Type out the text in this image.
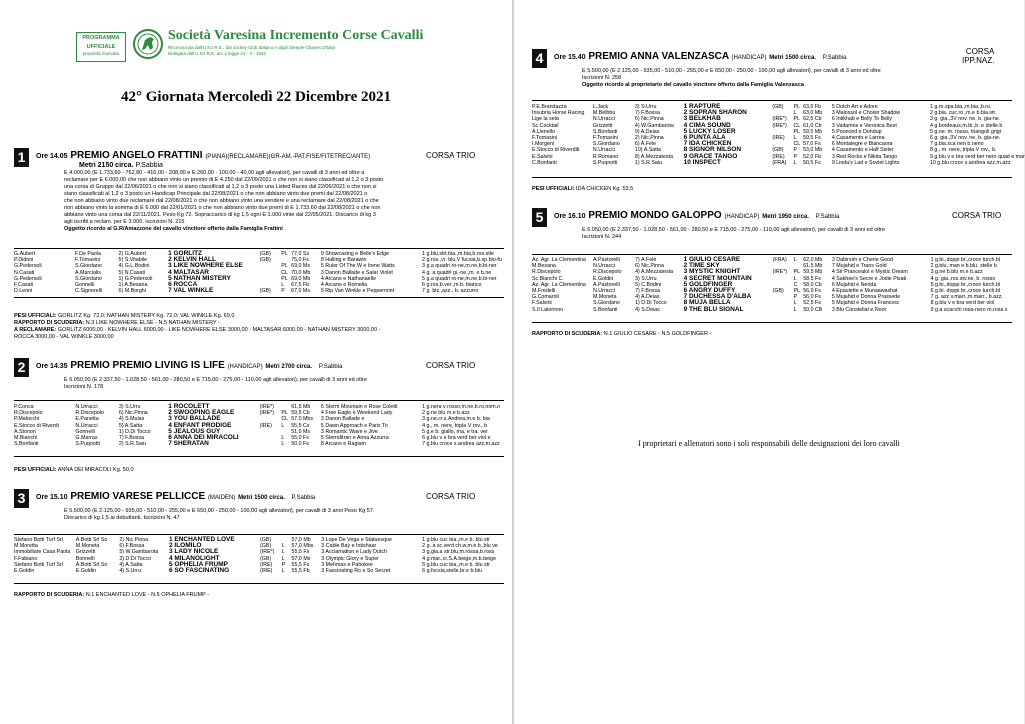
PROGRAMMA
UFFICIALE
proprietà riservata
Società Varesina Incremento Corse Cavalli
Riconosciuta dall'U.N.I.R.E., dal Jockey Club Italiano e dagli Steeple-Chases d'Italia
Delegata dall'U.N.I.R.E. art. 2 legge 24 - 3 - 1942
42° Giornata Mercoledì 22 Dicembre 2021
1	Ore 14.05 PREMIO ANGELO FRATTINI (PIANA)(RECLAMARE)(GR-AM.-PAT.FISE/FITETREC/ANTE)	CORSA TRIO
Metri 2150 circa. P.Sabbia
E 4.000,00 (E 1.733,60 - 762,80 - 416,00 - 208,00 e E 260,00 - 100,00 - 40,00 agli allevatori), per cavalli di 3 anni ed oltre a
reclamare per E 6.000,00 che non abbiano vinto un premio di E 4.250 dal 22/09/2021 o che non si siano classificati al 1,2 o 3 posto
una corsa di Gruppo dal 22/06/2021 o che non si siano classificati al 1,2 o 3 posto una Listed Races dal 22/06/2021 o che non si
siano classificati al 1,2 o 3 posto un Handicap Principale dal 22/08/2021 o che non abbiano vinto due premi dal 22/08/2021 o
che non abbiano vinto due reclamare dal 22/08/2021 o che non abbiano vinto una vendere e una reclamare dal 22/08/2021 o che
non abbiano vinto la somma di E 6.000 dal 22/01/2021 o che non abbiano vinto due premi di E 1.733,60 dal 22/08/2021 o che non
abbiano vinto una corsa dal 22/11/2021. Peso Kg 72. Sopraccarico di kg 1,5 ogni E 1.000 vinte dal 22/05/2021. Discarico di kg 3
agli iscritti a reclam. per E 3.000. Iscrizioni N. 215
Oggetto ricordo al G.R/Amazzone del cavallo vincitore offerto dalla Famiglia Frattini
G.Aubert	F.De Paola	2) G.Aubert	1 GORLITZ	(GB)	PL	77,0 Ss	9 Showcasing e Belle's Edge	1 g.blu,sbt.bia.,m.bia,b.ros.stle
P.Didoni	F.Tomasini	5) S.Vitabile	2 KELVIN HALL	(GB)		75,0 Fs	8 Halling e Barawin	2 g.ros.,vr. blu,V fucsia,b.sp.blu-fu
G.Pedersoli	S.Giordano	4) G.L.Bodini	3 LIKE NOWHERE ELSE		PL	69,0 Ms	5 Ruler Of The W e Irene Watts	3 g.a quadri ro-ne,m.ne,b.bi-ner
N.Casati	A.Marcialis	5) N.Casati	4 MALTASAR		CL	70,0 Mb	3 Danon Ballade e Salar Violet	4 g. a quadri gi.-ne.,m. e b.ne
G.Pedersoli	S.Giordano	1) G.Pedersoli	5 NATHAN MISTERY		PL	69,0 Mb	4 Arcano e Nathanaelle	5 g.a quadri ro-ne,m.ne,b.bi-ner
F.Casati	Gonnelli	1) A.Besana	6 ROCCA		L	67,5 Fb	4 Arcano e Romelia	6 g.ros,b.ver.,m.b. bianco
D.Leoni	C.Signorelli	6) M.Borghi	7 VAL WINKLE	(GB)	P	67,0 Ms	5 Rip Van Winkle e Peppermint	7 g. biz.,azz., b. azzurro
PESI UFFICIALI: GORLITZ Kg. 72,0; NATHAN MISTERY Kg. 72,0; VAL WINKLE Kg. 69,0
RAPPORTO DI SCUDERIA: N.3 LIKE NOWHERE ELSE - N.5 NATHAN MISTERY -
A RECLAMARE: GORLITZ 6000,00 - KELVIN HALL 6000,00 - LIKE NOWHERE ELSE 3000,00 - MALTASAR 6000,00 - NATHAN MISTERY 3000,00 -
ROCCA 3000,00 - VAL WINKLE 3000,00
2	Ore 14.35 PREMIO PREMIO LIVING IS LIFE (HANDICAP) Metri 2700 circa. P.Sabbia	CORSA TRIO
E 6.050,00 (E 2.337,50 - 1.028,50 - 561,00 - 280,50 e E 715,00 - 275,00 - 110,00 agli allevatori), per cavalli di 3 anni ed oltre
Iscrizioni N. 178
P.Conca	N.Urracci	3) S.Urru	1 ROCOLETT	(IRE*)		61,5 Mb	6 Storm Mountain e Rose Coletti	1 g.nera v rosso,m.ne,b.ro,nom.n
R.Discepolo	R.Discepolo	6) Nic.Pinna	2 SWOOPING EAGLE	(IRE*)	PL	59,5 Cb	4 Free Eagle e Weekend Lady	2 g.ne blu m.e b.azz
P.Malocchi	E.Panetta	4) S.Mulas	3 YOU BALLADE		CL	57,0 Mbs	3 Danon Ballade e	3 g.ne,cr.s.Andrea,m.e b. bia
E.Stocco di Riverdi	N.Urracci	5) A.Satta	4 ENFANT PRODIGE	(IRE)	L	55,5 Cs	5 Dawn Approach e Paris To	4 g., m. nere, tripla V rov., b
A.Stonon	Gonnelli	1) D.Di Tocco	5 JEALOUS GUY			51,0 Ms	3 Romantic Wave e Jive	5 g.e b. giallo, ma, e tra. ver
M.Bianchi	G.Marras	7) F.Bossa	6 ANNA DEI MIRACOLI		L	55,0 Fs	5 Sternditran e Anna Azzurra	6 g.blu v e bra verd ber viol e
S.Bonfanti	S.Puqnotti	2) S.R.Saiu	7 SHERATAN		L	50,0 Fs	8 Arcano e Ragiam	7 g.blu croce s.andrea azz,m.azz
PESI UFFICIALI: ANNA DEI MIRACOLI Kg. 50,0
3	Ore 15.10 PREMIO VARESE PELLICCE (MAIDEN) Metri 1500 circa. P.Sabbia	CORSA TRIO
E 5.500,00 (E 2.125,00 - 935,00 - 510,00 - 255,00 e E 650,00 - 250,00 - 100,00 agli allevatori), per cavalli di 3 anni Peso Kg 57.
Discarico di kg 1,5 ai debuttanti. Iscrizioni N. 47
Stefano Botti Turf Srl	A.Botti Srl So	2) Nic.Pinna	1 ENCHANTED LOVE	(GB)		57,0 Mb	3 Lope De Vega e Statuesque	1 g.blu cuc bia.,m.e b. blu str
M.Moretta	M.Moneta	6) F.Bossa	2 ILOMILO	(GB)	L	57,0 Mbs	3 Cable Bay e Intishaar	2 g. a sc.verd ch.w,m.e b.,blu ve
Immobiliare Casa Paola	Grizzetti	5) W.Gambarota	3 LADY NICOLE	(IRE*)	L	55,5 Fs	3 Acclamation e Lady Dutch	3 g.gia.a str.blu,m.rossa,b.ross
F.Fabiano	Bonnelli	3) D.Di Tocco	4 MILANOLIGHT	(GB)	L	57,0 Ms	3 Olympic Glory e Super	4 g.mar.,cr.S.A.beige,m.b.beige
Stefano Botti Turf Srl	A.Botti Srl So	4) A.Satta	5 OPHELIA FRUMP	(IRE)	P	55,5 Fs	3 Mehmas e Pahokee	5 g.blu cuc bia.,m.e b. blu str
E.Goldin	E.Goldin	4) S.Urru	6 SO FASCINATING	(IRE)	L	55,5 Fb	3 Fascinating Ro e So Secret	6 g.fucsia,stelle,br.e b.blu
RAPPORTO DI SCUDERIA: N.1 ENCHANTED LOVE - N.5 OPHELIA FRUMP -
4	Ore 15.40 PREMIO ANNA VALENZASCA (HANDICAP) Metri 1500 circa. P.Sabbia
CORSA
IPP.NAZ.
E 5.500,00 (E 2.125,00 - 935,00 - 510,00 - 255,00 e E 650,00 - 250,00 - 100,00 agli allevatori), per cavalli di 3 anni ed oltre
Iscrizioni N. 258
Oggetto ricordo al proprietario del cavallo vincitore offerto dalla Famiglia Valenzasca
P.E.Brandazza	L.Jack	3) S.Urru	1 RAPTURE	(GB)	PL	63,5 Fb	5 Dutch Art e Adore	1 g.ro.spa.bia.,m.bia.,b.ro.
Insubria Horse Racing	M.Belbbu	7) F.Bossa	2 SOPRAN SHARON		L	63,0 Mb	3 Malossol e Choisir Shadow	2 g.bia. cuc.ro.,m.e b.bia.str.
Lige la sela	N.Urracci	6) Nic.Pinna	3 BELKHAB	(IRE*)	PL	62,5 Cb	6 Intikhab e Belly To Belly	3 g. gia.,3V nov. ne, b. gia-ne.
Sc.Cocktail	Grizzetti	4) W.Gambarota	4 CIMA SOUND	(IRE*)	CL	61,0 Cb	3 Vadamos e Veronica Best	4 g.bordeaux,m.bi.,b. e stelle b
A.Uenello	S.Bonfanti	9) A.Deias	5 LUCKY LOSER		PL	59,5 Mb	5 Pounced e Dondup	5 g.ne. m. rosso, triangoli grigi
F.Tomasini	F.Tomasini	2) Nic.Pinna	6 PUNTA ALA	(IRE)	L	59,5 Fs	4 Casamento e Larrea	6 g. gia.,3V nov. ne, b. gia-ne.
I.Morgeni	S.Giordano	6) A.Fele	7 IDA CHICKEN		CL	57,0 Fs	6 Montalegre e Biancaora	7 g.bia.sca nen b.neno
E.Stocco di Riverditi	N.Urracci	10) A.Satta	8 SIGNOR NILSON	(GB)	P	53,0 Mb	4 Casamento e Half Sister	8 g., m. nere, tripla V rov., b.
E.Salvini	R.Romano	8) A.Mezzatesta	9 GRACE TANGO	(IRE)	P	52,0 Fb	3 Red Rocks e Nikita Tango	9 g.blu v e bra verd ber nero quad e mar
C.Bonfanti	S.Puqnotti	1) S.R.Saiu	10 INSPECT	(FRA)	L	50,5 Fs	9 Linda's Lad e Soviet Lights	10 g.blu croce s.andrea azz,m.azz
PESI UFFICIALI: IDA CHICKEN Kg. 53,5
5	Ore 16.10 PREMIO MONDO GALOPPO (HANDICAP) Metri 1950 circa. P.Sabbia	CORSA TRIO
E 6.050,00 (E 2.337,50 - 1.028,50 - 561,00 - 280,50 e E 715,00 - 275,00 - 110,00 agli allevatori), per cavalli di 3 anni ed oltre
Iscrizioni N. 244
Az. Agr. La Clementina	A.Pastorelli	7) A.Fele	1 GIULIO CESARE	(FRA)	L	62,0 Mb	3 Dabirsim e Cherie Good	1 g.bi.,doppi br.,croce turch.bl
M.Besana	N.Urracci	6) Nic.Pinna	2 TIME SKY			61,5 Mb	7 Mujahid e Trans Gold	2 g.blu, man e b.blu, stelle b
R.Discepolo	R.Discepolo	4) A.Mezzatesta	3 MYSTIC KNIGHT	(IRE*)	PL	59,5 Mb	4 Sir Prancealot e Mystic Dream	3 g.ne b.blu m.e b.azz
Sc.Bianchi C.	E.Goldin	3) S.Urru	4 SECRET MOUNTAIN		L	58,5 Fs	4 Sakhee's Secre e Jodie Pisati	4 g. gia.,ros.stv.ne, b. rosso
Az. Agr. La Clementina	A.Pastorelli	5) C.Bodini	5 GOLDFINGER		C	58,0 Cb	6 Mujahid e Nerida	5 g.bi.,doppi br.,croce turch.bl
M.Fredelli	N.Urracci	7) F.Bossa	6 ANGRY DUFFY	(GB)	PL	56,0 Fs	4 Epaulette e Munaawashat	6 g.bi. doppi br.,croce turch.bl
G.Comaroli	M.Moneta	4) A.Deias	7 DUCHESSA D'ALBA		P	56,0 Fs	5 Mujahid e Donna Prassede	7 g. azz v.marr.,m.marr., b.azz.
F.Salvini	S.Giordano	1) D.Di Tocco	8 MUJA BELLA		L	52,5 Fs	5 Mujahid e Donna Francesc	8 g.blu v e bra verd ber viol
S.Il Latorinno	S.Bonfanti	4) S.Deias	9 THE BLU SIGNAL		L	50,0 CB	3 Blu Constellat e Noor	9 g.a scacchi rosa-nero m.rosa s
RAPPORTO DI SCUDERIA: N.1 GIULIO CESARE - N.5 GOLDFINGER -
I proprietari e allenatori sono i soli responsabili delle designazioni dei loro cavalli
